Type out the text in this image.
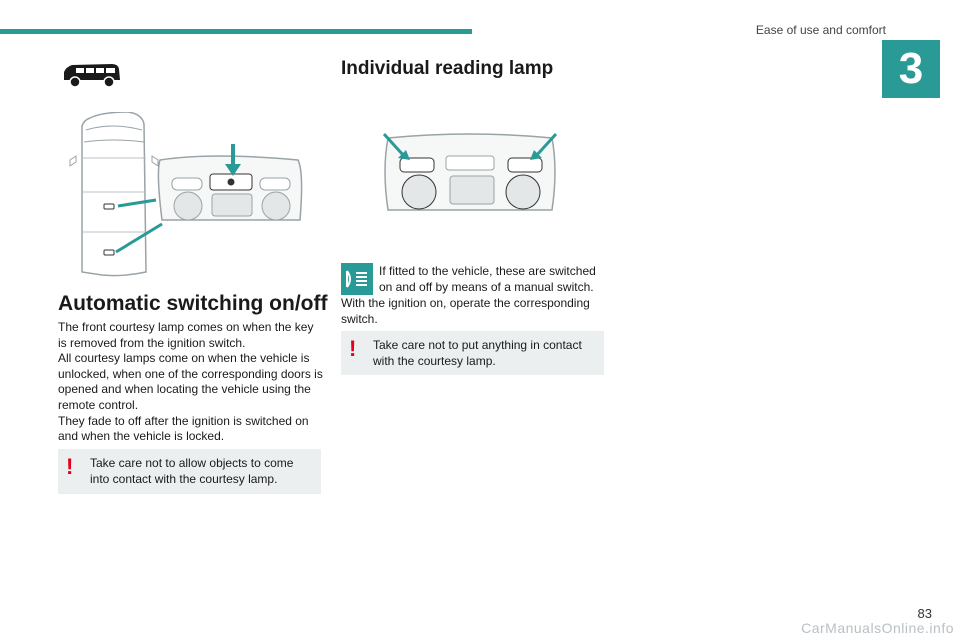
Ease of use and comfort
3
Automatic switching on/off
The front courtesy lamp comes on when the key is removed from the ignition switch.
All courtesy lamps come on when the vehicle is unlocked, when one of the corresponding doors is opened and when locating the vehicle using the remote control.
They fade to off after the ignition is switched on and when the vehicle is locked.
! Take care not to allow objects to come into contact with the courtesy lamp.
Individual reading lamp

If fitted to the vehicle, these are switched on and off by means of a manual switch.

With the ignition on, operate the corresponding switch.

! Take care not to put anything in contact with the courtesy lamp.
83
CarManualsOnline.info
